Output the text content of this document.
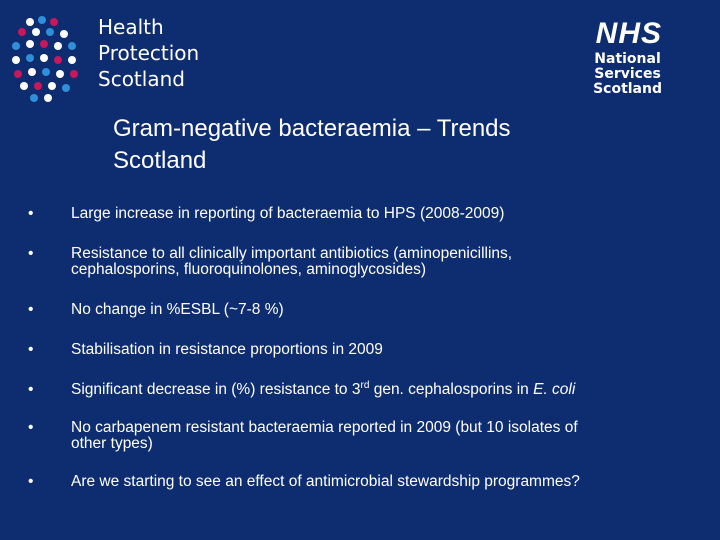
Health
Protection
Scotland
NHS
National
Services
Scotland
Gram-negative bacteraemia – Trends
Scotland
•	Large increase in reporting of bacteraemia to HPS (2008-2009)
•	Resistance to all clinically important antibiotics (aminopenicillins,
cephalosporins, fluoroquinolones, aminoglycosides)
•	No change in %ESBL (~7-8 %)
•	Stabilisation in resistance proportions in 2009
•	Significant decrease in (%) resistance to 3rd gen. cephalosporins in E. coli
•	No carbapenem resistant bacteraemia reported in 2009 (but 10 isolates of
other types)
•	Are we starting to see an effect of antimicrobial stewardship programmes?
